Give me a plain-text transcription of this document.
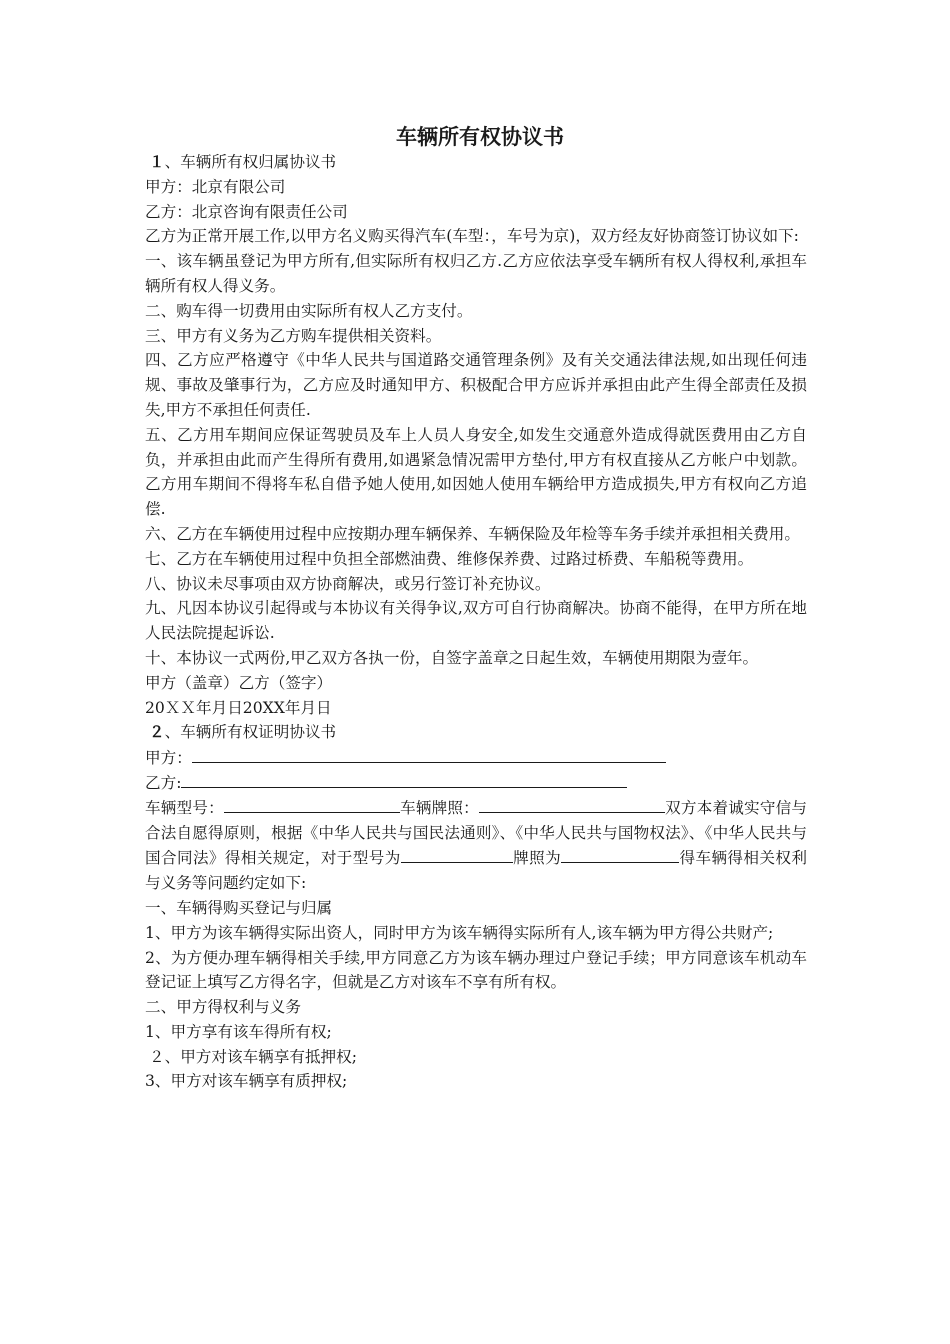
车辆所有权协议书
１、车辆所有权归属协议书
甲方：北京有限公司
乙方：北京咨询有限责任公司
乙方为正常开展工作,以甲方名义购买得汽车(车型：，车号为京)，双方经友好协商签订协议如下:
一、该车辆虽登记为甲方所有,但实际所有权归乙方.乙方应依法享受车辆所有权人得权利,承担车辆所有权人得义务。
二、购车得一切费用由实际所有权人乙方支付。
三、甲方有义务为乙方购车提供相关资料。
四、乙方应严格遵守《中华人民共与国道路交通管理条例》及有关交通法律法规,如出现任何违规、事故及肇事行为，乙方应及时通知甲方、积极配合甲方应诉并承担由此产生得全部责任及损失,甲方不承担任何责任.
五、乙方用车期间应保证驾驶员及车上人员人身安全,如发生交通意外造成得就医费用由乙方自负，并承担由此而产生得所有费用,如遇紧急情况需甲方垫付,甲方有权直接从乙方帐户中划款。乙方用车期间不得将车私自借予她人使用,如因她人使用车辆给甲方造成损失,甲方有权向乙方追偿.
六、乙方在车辆使用过程中应按期办理车辆保养、车辆保险及年检等车务手续并承担相关费用。
七、乙方在车辆使用过程中负担全部燃油费、维修保养费、过路过桥费、车船税等费用。
八、协议未尽事项由双方协商解决，或另行签订补充协议。
九、凡因本协议引起得或与本协议有关得争议,双方可自行协商解决。协商不能得，在甲方所在地人民法院提起诉讼.
十、本协议一式两份,甲乙双方各执一份，自签字盖章之日起生效，车辆使用期限为壹年。
甲方（盖章）乙方（签字）
20ＸＸ年月日20XX年月日
２、车辆所有权证明协议书
甲方：
乙方:
车辆型号：	车辆牌照：	双方本着诚实守信与合法自愿得原则，根据《中华人民共与国民法通则》、《中华人民共与国物权法》、《中华人民共与国合同法》得相关规定，对于型号为	牌照为	得车辆得相关权利与义务等问题约定如下:
一、车辆得购买登记与归属
1、甲方为该车辆得实际出资人，同时甲方为该车辆得实际所有人,该车辆为甲方得公共财产;
2、为方便办理车辆得相关手续,甲方同意乙方为该车辆办理过户登记手续；甲方同意该车机动车登记证上填写乙方得名字，但就是乙方对该车不享有所有权。
二、甲方得权利与义务
1、甲方享有该车得所有权;
２、甲方对该车辆享有抵押权;
3、甲方对该车辆享有质押权;
